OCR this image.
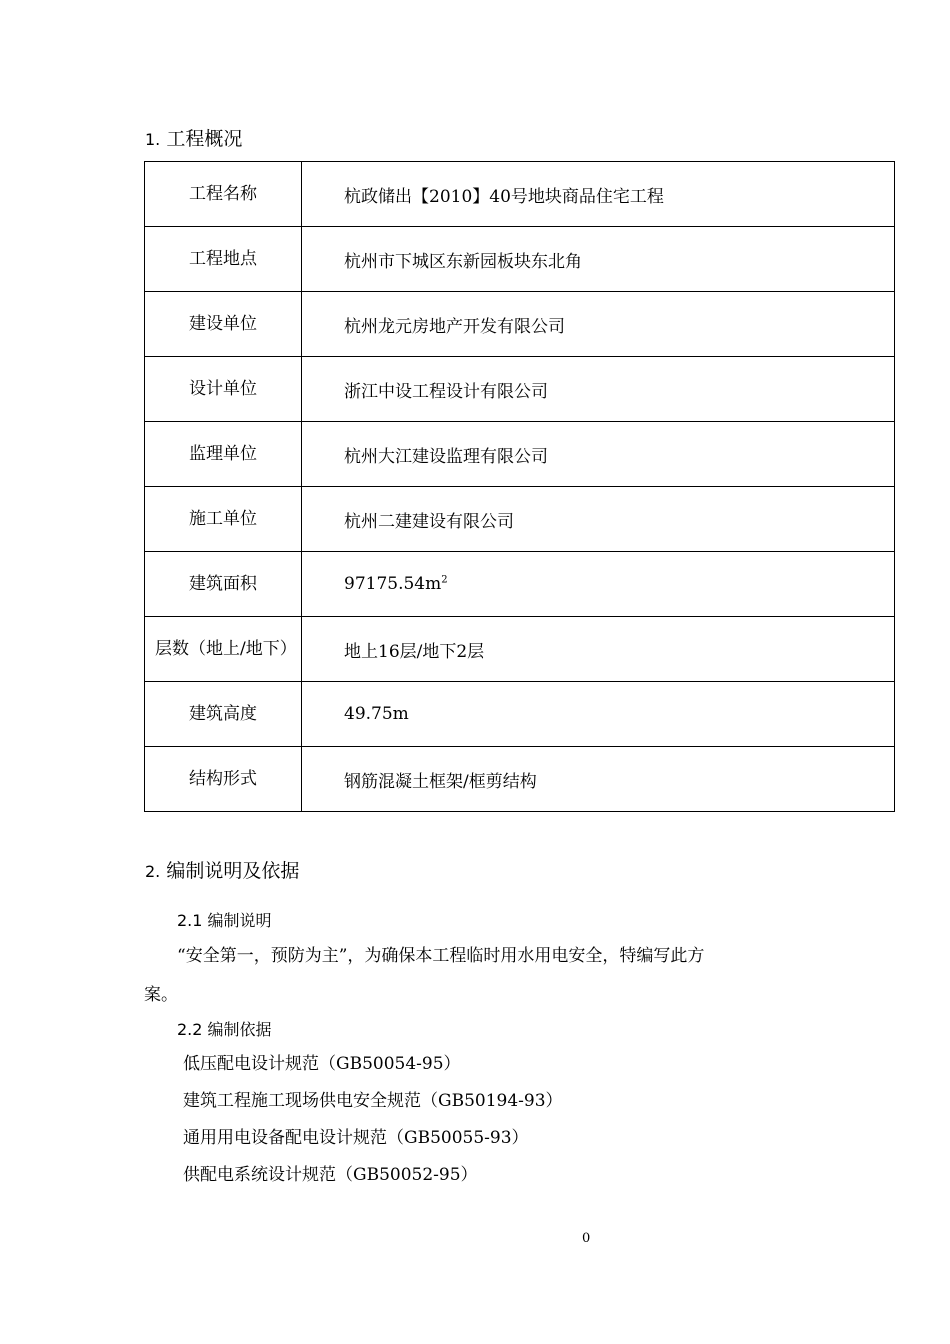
1. 工程概况
工程名称	杭政储出【2010】40号地块商品住宅工程
工程地点	杭州市下城区东新园板块东北角
建设单位	杭州龙元房地产开发有限公司
设计单位	浙江中设工程设计有限公司
监理单位	杭州大江建设监理有限公司
施工单位	杭州二建建设有限公司
建筑面积	$97175.54m^2$
层数（地上/地下）	地上16层/地下2层
建筑高度	49.75m
结构形式	钢筋混凝土框架/框剪结构
2. 编制说明及依据
2.1 编制说明
“安全第一，预防为主”，为确保本工程临时用水用电安全，特编写此方
案。
2.2 编制依据
低压配电设计规范（GB50054-95）
建筑工程施工现场供电安全规范（GB50194-93）
通用用电设备配电设计规范（GB50055-93）
供配电系统设计规范（GB50052-95）
0
